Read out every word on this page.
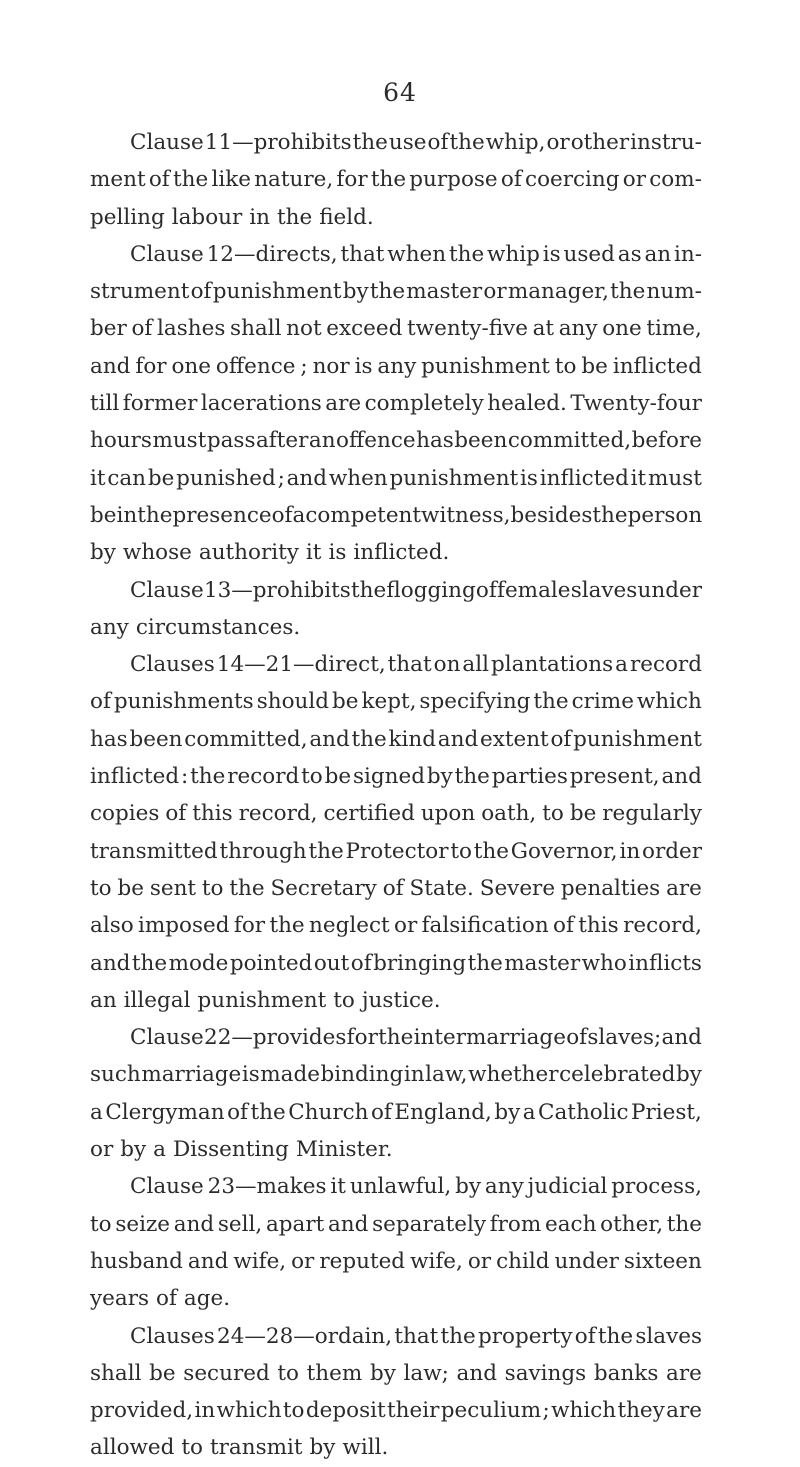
64
Clause 11—prohibits the use of the whip, or other instru-
ment of the like nature, for the purpose of coercing or com-
pelling labour in the field.
Clause 12—directs, that when the whip is used as an in-
strument of punishment by the master or manager, the num-
ber of lashes shall not exceed twenty-five at any one time,
and for one offence ; nor is any punishment to be inflicted
till former lacerations are completely healed. Twenty-four
hours must pass after an offence has been committed, before
it can be punished ; and when punishment is inflicted it must
be in the presence of a competent witness, besides the person
by whose authority it is inflicted.
Clause 13—prohibits the flogging of female slaves under
any circumstances.
Clauses 14—21—direct, that on all plantations a record
of punishments should be kept, specifying the crime which
has been committed, and the kind and extent of punishment
inflicted : the record to be signed by the parties present, and
copies of this record, certified upon oath, to be regularly
transmitted through the Protector to the Governor, in order
to be sent to the Secretary of State. Severe penalties are
also imposed for the neglect or falsification of this record,
and the mode pointed out of bringing the master who inflicts
an illegal punishment to justice.
Clause 22—provides for the intermarriage of slaves; and
such marriage is made binding in law, whether celebrated by
a Clergyman of the Church of England, by a Catholic Priest,
or by a Dissenting Minister.
Clause 23—makes it unlawful, by any judicial process,
to seize and sell, apart and separately from each other, the
husband and wife, or reputed wife, or child under sixteen
years of age.
Clauses 24—28—ordain, that the property of the slaves
shall be secured to them by law; and savings banks are
provided, in which to deposit their peculium ; which they are
allowed to transmit by will.
